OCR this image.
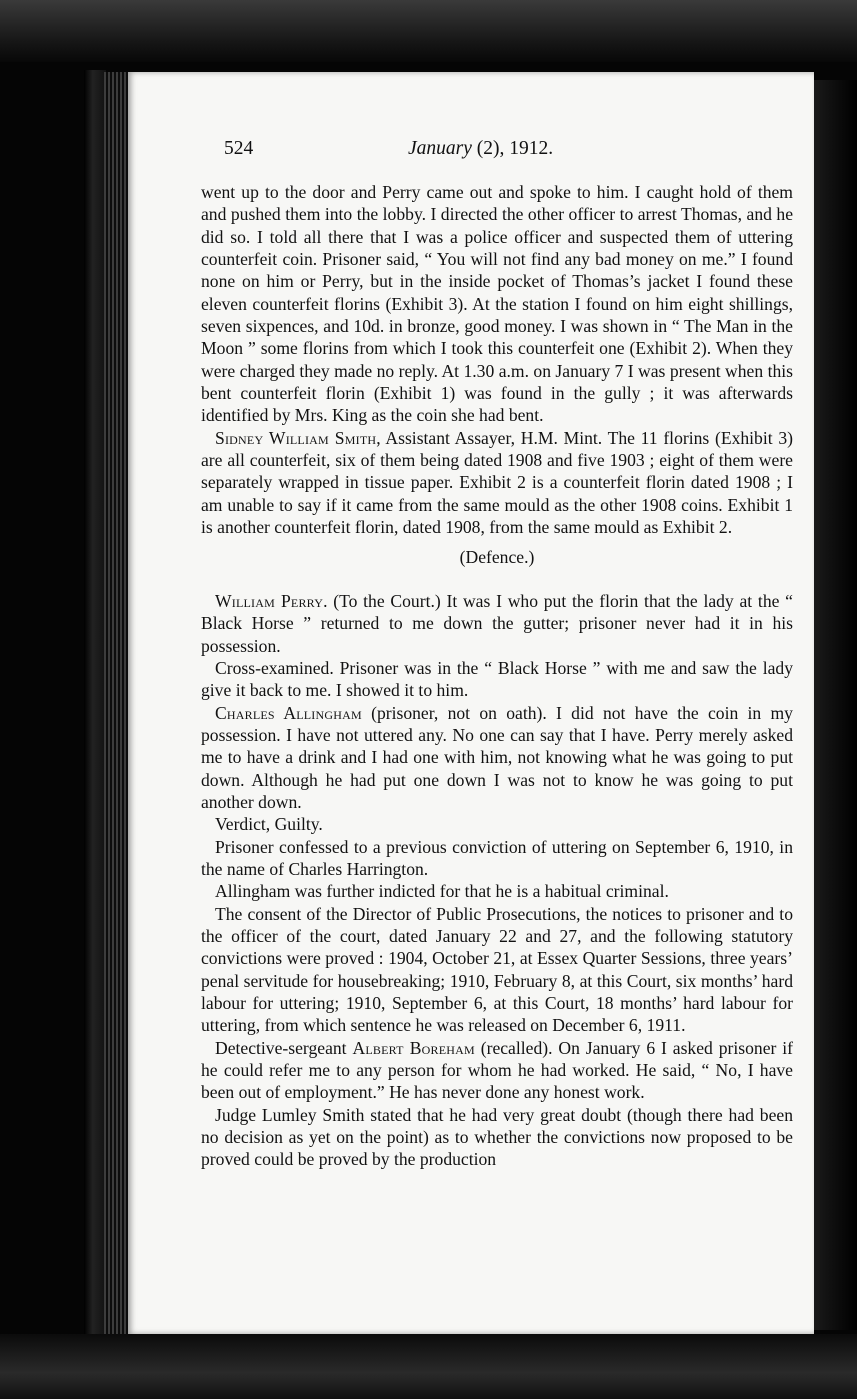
524	January (2), 1912.

went up to the door and Perry came out and spoke to him. I caught hold of them and pushed them into the lobby. I directed the other officer to arrest Thomas, and he did so. I told all there that I was a police officer and suspected them of uttering counterfeit coin. Prisoner said, “ You will not find any bad money on me.” I found none on him or Perry, but in the inside pocket of Thomas’s jacket I found these eleven counterfeit florins (Exhibit 3). At the station I found on him eight shillings, seven sixpences, and 10d. in bronze, good money. I was shown in “ The Man in the Moon ” some florins from which I took this counterfeit one (Exhibit 2). When they were charged they made no reply. At 1.30 a.m. on January 7 I was present when this bent counterfeit florin (Exhibit 1) was found in the gully ; it was afterwards identified by Mrs. King as the coin she had bent.

Sidney William Smith, Assistant Assayer, H.M. Mint. The 11 florins (Exhibit 3) are all counterfeit, six of them being dated 1908 and five 1903 ; eight of them were separately wrapped in tissue paper. Exhibit 2 is a counterfeit florin dated 1908 ; I am unable to say if it came from the same mould as the other 1908 coins. Exhibit 1 is another counterfeit florin, dated 1908, from the same mould as Exhibit 2.

(Defence.)

William Perry. (To the Court.) It was I who put the florin that the lady at the “ Black Horse ” returned to me down the gutter; prisoner never had it in his possession.

Cross-examined. Prisoner was in the “ Black Horse ” with me and saw the lady give it back to me. I showed it to him.

Charles Allingham (prisoner, not on oath). I did not have the coin in my possession. I have not uttered any. No one can say that I have. Perry merely asked me to have a drink and I had one with him, not knowing what he was going to put down. Although he had put one down I was not to know he was going to put another down.

Verdict, Guilty.

Prisoner confessed to a previous conviction of uttering on September 6, 1910, in the name of Charles Harrington.

Allingham was further indicted for that he is a habitual criminal.

The consent of the Director of Public Prosecutions, the notices to prisoner and to the officer of the court, dated January 22 and 27, and the following statutory convictions were proved : 1904, October 21, at Essex Quarter Sessions, three years’ penal servitude for housebreaking; 1910, February 8, at this Court, six months’ hard labour for uttering; 1910, September 6, at this Court, 18 months’ hard labour for uttering, from which sentence he was released on December 6, 1911.

Detective-sergeant Albert Boreham (recalled). On January 6 I asked prisoner if he could refer me to any person for whom he had worked. He said, “ No, I have been out of employment.” He has never done any honest work.

Judge Lumley Smith stated that he had very great doubt (though there had been no decision as yet on the point) as to whether the convictions now proposed to be proved could be proved by the production
